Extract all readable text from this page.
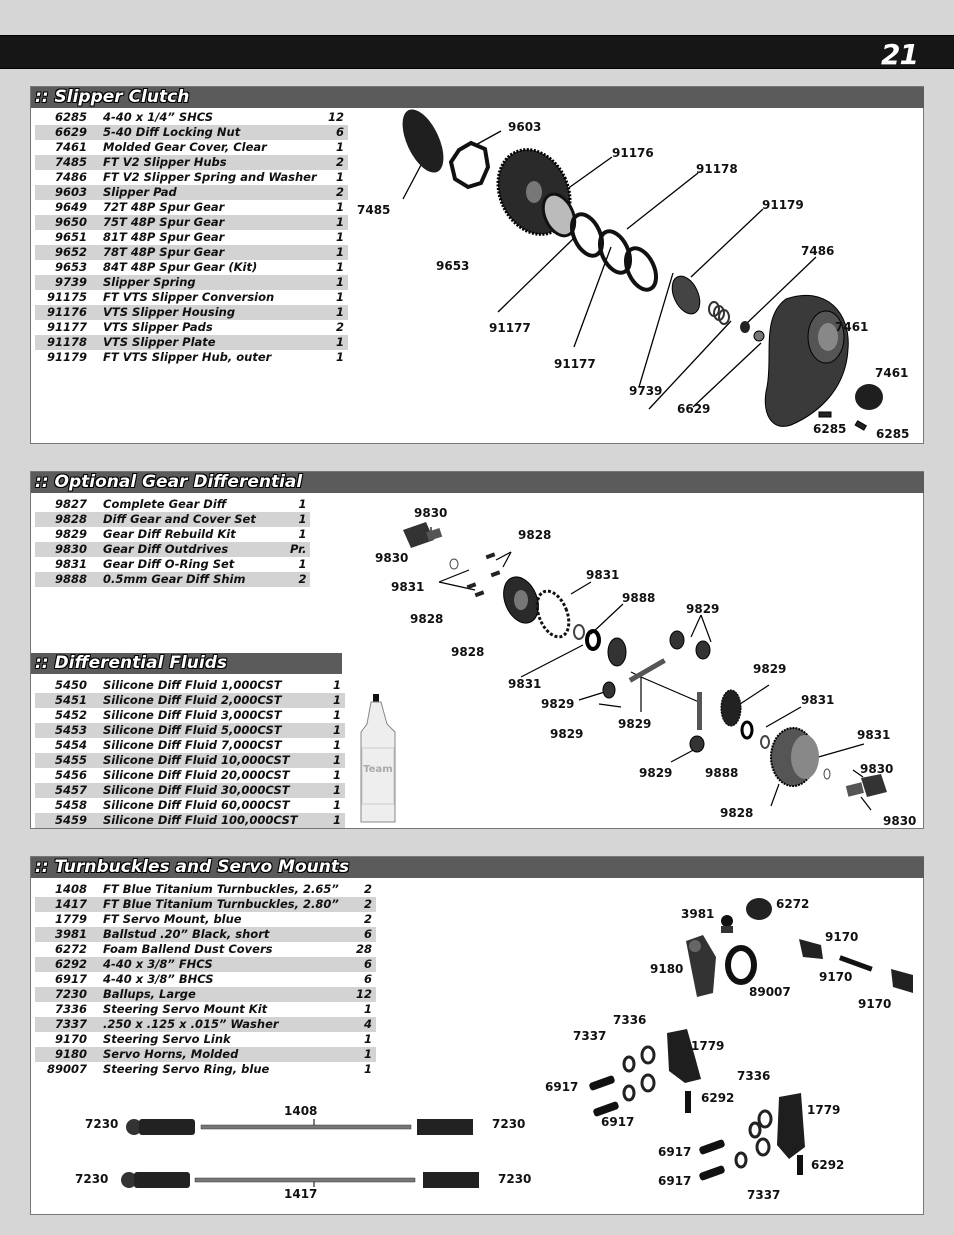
21
:: Slipper Clutch
6285	4-40 x 1/4” SHCS	12
6629	5-40 Diff Locking Nut	6
7461	Molded Gear Cover, Clear	1
7485	FT V2 Slipper Hubs	2
7486	FT V2 Slipper Spring and Washer	1
9603	Slipper Pad	2
9649	72T 48P Spur Gear	1
9650	75T 48P Spur Gear	1
9651	81T 48P Spur Gear	1
9652	78T 48P Spur Gear	1
9653	84T 48P Spur Gear (Kit)	1
9739	Slipper Spring	1
91175	FT VTS Slipper Conversion	1
91176	VTS Slipper Housing	1
91177	VTS Slipper Pads	2
91178	VTS Slipper Plate	1
91179	FT VTS Slipper Hub, outer	1
9603
91176
91178
7485	91179
7486
9653
7461
91177
91177
7461
9739
6629
6285 6285
:: Optional Gear Differential
9827	Complete Gear Diff	1
9828	Diff Gear and Cover Set	1
9829	Gear Diff Rebuild Kit	1
9830	Gear Diff Outdrives	Pr.
9831	Gear Diff O-Ring Set	1
9888	0.5mm Gear Diff Shim	2
:: Differential Fluids
5450	Silicone Diff Fluid 1,000CST	1
5451	Silicone Diff Fluid 2,000CST	1
5452	Silicone Diff Fluid 3,000CST	1
5453	Silicone Diff Fluid 5,000CST	1
5454	Silicone Diff Fluid 7,000CST	1
5455	Silicone Diff Fluid 10,000CST	1
5456	Silicone Diff Fluid 20,000CST	1
5457	Silicone Diff Fluid 30,000CST	1
5458	Silicone Diff Fluid 60,000CST	1
5459	Silicone Diff Fluid 100,000CST	1
Team
9830
9828
9830
9831
9831
9888
9828
9829
9828
9829
9831
9831
9829
9829
9829	9831
9829	9888	9830
9828
9830
:: Turnbuckles and Servo Mounts
1408	FT Blue Titanium Turnbuckles, 2.65”	2
1417	FT Blue Titanium Turnbuckles, 2.80”	2
1779	FT Servo Mount, blue	2
3981	Ballstud .20” Black, short	6
6272	Foam Ballend Dust Covers	28
6292	4-40 x 3/8” FHCS	6
6917	4-40 x 3/8” BHCS	6
7230	Ballups, Large	12
7336	Steering Servo Mount Kit	1
7337	.250 x .125 x .015” Washer	4
9170	Steering Servo Link	1
9180	Servo Horns, Molded	1
89007	Steering Servo Ring, blue	1
3981
6272
9170
9180
9170
89007
9170
7336
7337
1779
7336
6917
6292
1779
6917
6917
6292
6917
7337
1408
7230	7230
7230	7230
1417
